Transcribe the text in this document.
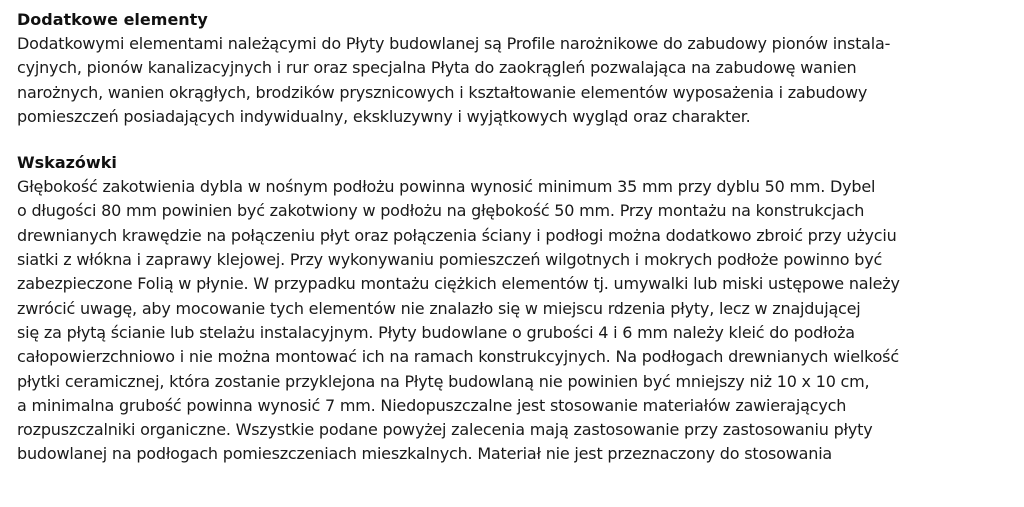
Dodatkowe elementy

Dodatkowymi elementami należącymi do Płyty budowlanej są Profile narożnikowe do zabudowy pionów instala-

cyjnych, pionów kanalizacyjnych i rur oraz specjalna Płyta do zaokrągleń pozwalająca na zabudowę wanien

narożnych, wanien okrągłych, brodzików prysznicowych i kształtowanie elementów wyposażenia i zabudowy

pomieszczeń posiadających indywidualny, ekskluzywny i wyjątkowych wygląd oraz charakter.

Wskazówki

Głębokość zakotwienia dybla w nośnym podłożu powinna wynosić minimum 35 mm przy dyblu 50 mm. Dybel

o długości 80 mm powinien być zakotwiony w podłożu na głębokość 50 mm. Przy montażu na konstrukcjach

drewnianych krawędzie na połączeniu płyt oraz połączenia ściany i podłogi można dodatkowo zbroić przy użyciu

siatki z włókna i zaprawy klejowej. Przy wykonywaniu pomieszczeń wilgotnych i mokrych podłoże powinno być

zabezpieczone Folią w płynie. W przypadku montażu ciężkich elementów tj. umywalki lub miski ustępowe należy

zwrócić uwagę, aby mocowanie tych elementów nie znalazło się w miejscu rdzenia płyty, lecz w znajdującej

się za płytą ścianie lub stelażu instalacyjnym. Płyty budowlane o grubości 4 i 6 mm należy kleić do podłoża

całopowierzchniowo i nie można montować ich na ramach konstrukcyjnych. Na podłogach drewnianych wielkość

płytki ceramicznej, która zostanie przyklejona na Płytę budowlaną nie powinien być mniejszy niż 10 x 10 cm,

a minimalna grubość powinna wynosić 7 mm. Niedopuszczalne jest stosowanie materiałów zawierających

rozpuszczalniki organiczne. Wszystkie podane powyżej zalecenia mają zastosowanie przy zastosowaniu płyty

budowlanej na podłogach pomieszczeniach mieszkalnych. Materiał nie jest przeznaczony do stosowania
